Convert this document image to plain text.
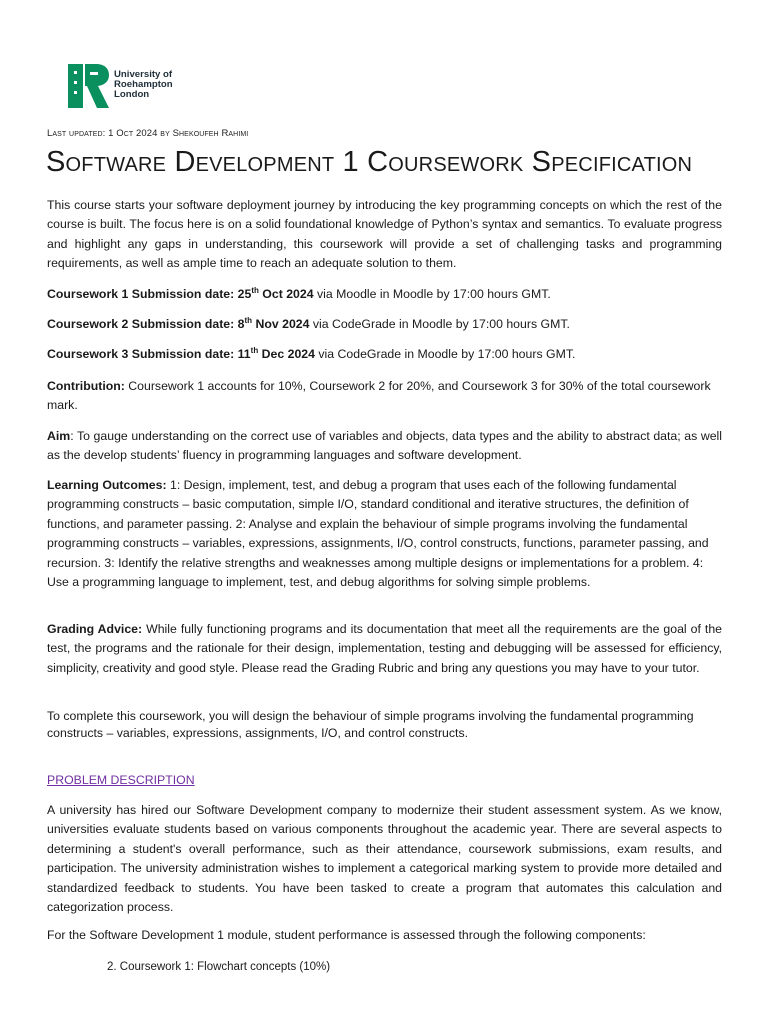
University of
Roehampton
London
Last updated: 1 Oct 2024 by Shekoufeh Rahimi
Software Development 1 Coursework Specification
This course starts your software deployment journey by introducing the key programming concepts on which the rest of the course is built. The focus here is on a solid foundational knowledge of Python’s syntax and semantics. To evaluate progress and highlight any gaps in understanding, this coursework will provide a set of challenging tasks and programming requirements, as well as ample time to reach an adequate solution to them.
Coursework 1 Submission date: 25th Oct 2024 via Moodle in Moodle by 17:00 hours GMT.
Coursework 2 Submission date: 8th Nov 2024 via CodeGrade in Moodle by 17:00 hours GMT.
Coursework 3 Submission date: 11th Dec 2024 via CodeGrade in Moodle by 17:00 hours GMT.
Contribution: Coursework 1 accounts for 10%, Coursework 2 for 20%, and Coursework 3 for 30% of the total coursework mark.
Aim: To gauge understanding on the correct use of variables and objects, data types and the ability to abstract data; as well as the develop students’ fluency in programming languages and software development.
Learning Outcomes: 1: Design, implement, test, and debug a program that uses each of the following fundamental programming constructs – basic computation, simple I/O, standard conditional and iterative structures, the definition of functions, and parameter passing. 2: Analyse and explain the behaviour of simple programs involving the fundamental programming constructs – variables, expressions, assignments, I/O, control constructs, functions, parameter passing, and recursion. 3: Identify the relative strengths and weaknesses among multiple designs or implementations for a problem. 4: Use a programming language to implement, test, and debug algorithms for solving simple problems.
Grading Advice: While fully functioning programs and its documentation that meet all the requirements are the goal of the test, the programs and the rationale for their design, implementation, testing and debugging will be assessed for efficiency, simplicity, creativity and good style. Please read the Grading Rubric and bring any questions you may have to your tutor.
To complete this coursework, you will design the behaviour of simple programs involving the fundamental programming constructs – variables, expressions, assignments, I/O, and control constructs.
PROBLEM DESCRIPTION
A university has hired our Software Development company to modernize their student assessment system. As we know, universities evaluate students based on various components throughout the academic year. There are several aspects to determining a student's overall performance, such as their attendance, coursework submissions, exam results, and participation. The university administration wishes to implement a categorical marking system to provide more detailed and standardized feedback to students. You have been tasked to create a program that automates this calculation and categorization process.
For the Software Development 1 module, student performance is assessed through the following components:
2. Coursework 1: Flowchart concepts (10%)
